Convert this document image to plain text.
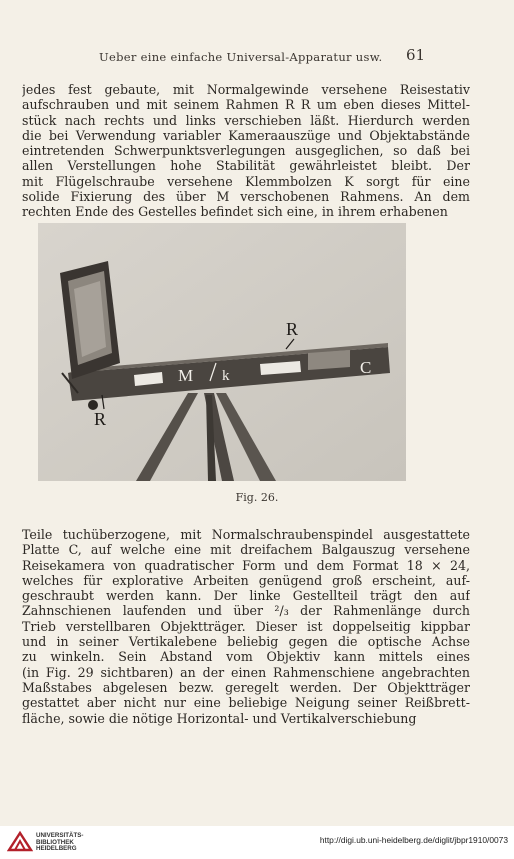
Ueber eine einfache Universal-Apparatur usw. 61

jedes fest gebaute, mit Normalgewinde versehene Reisestativ

aufschrauben und mit seinem Rahmen R R um eben dieses Mittel-

stück nach rechts und links verschieben läßt. Hierdurch werden

die bei Verwendung variabler Kameraauszüge und Objektabstände

eintretenden Schwerpunktsverlegungen ausgeglichen, so daß bei

allen Verstellungen hohe Stabilität gewährleistet bleibt. Der

mit Flügelschraube versehene Klemmbolzen K sorgt für eine

solide Fixierung des über M verschobenen Rahmens. An dem

rechten Ende des Gestelles befindet sich eine, in ihrem erhabenen

R
M k	C
R
Fig. 26.

Teile tuchüberzogene, mit Normalschraubenspindel ausgestattete

Platte C, auf welche eine mit dreifachem Balgauszug versehene

Reisekamera von quadratischer Form und dem Format 18 × 24,

welches für explorative Arbeiten genügend groß erscheint, auf-

geschraubt werden kann. Der linke Gestellteil trägt den auf

Zahnschienen laufenden und über ²/₃ der Rahmenlänge durch

Trieb verstellbaren Objektträger. Dieser ist doppelseitig kippbar

und in seiner Vertikalebene beliebig gegen die optische Achse

zu winkeln. Sein Abstand vom Objektiv kann mittels eines

(in Fig. 29 sichtbaren) an der einen Rahmenschiene angebrachten

Maßstabes abgelesen bezw. geregelt werden. Der Objektträger

gestattet aber nicht nur eine beliebige Neigung seiner Reißbrett-

fläche, sowie die nötige Horizontal- und Vertikalverschiebung

UNIVERSITÄTS-
BIBLIOTHEK
HEIDELBERG
http://digi.ub.uni-heidelberg.de/diglit/jbpr1910/0073
